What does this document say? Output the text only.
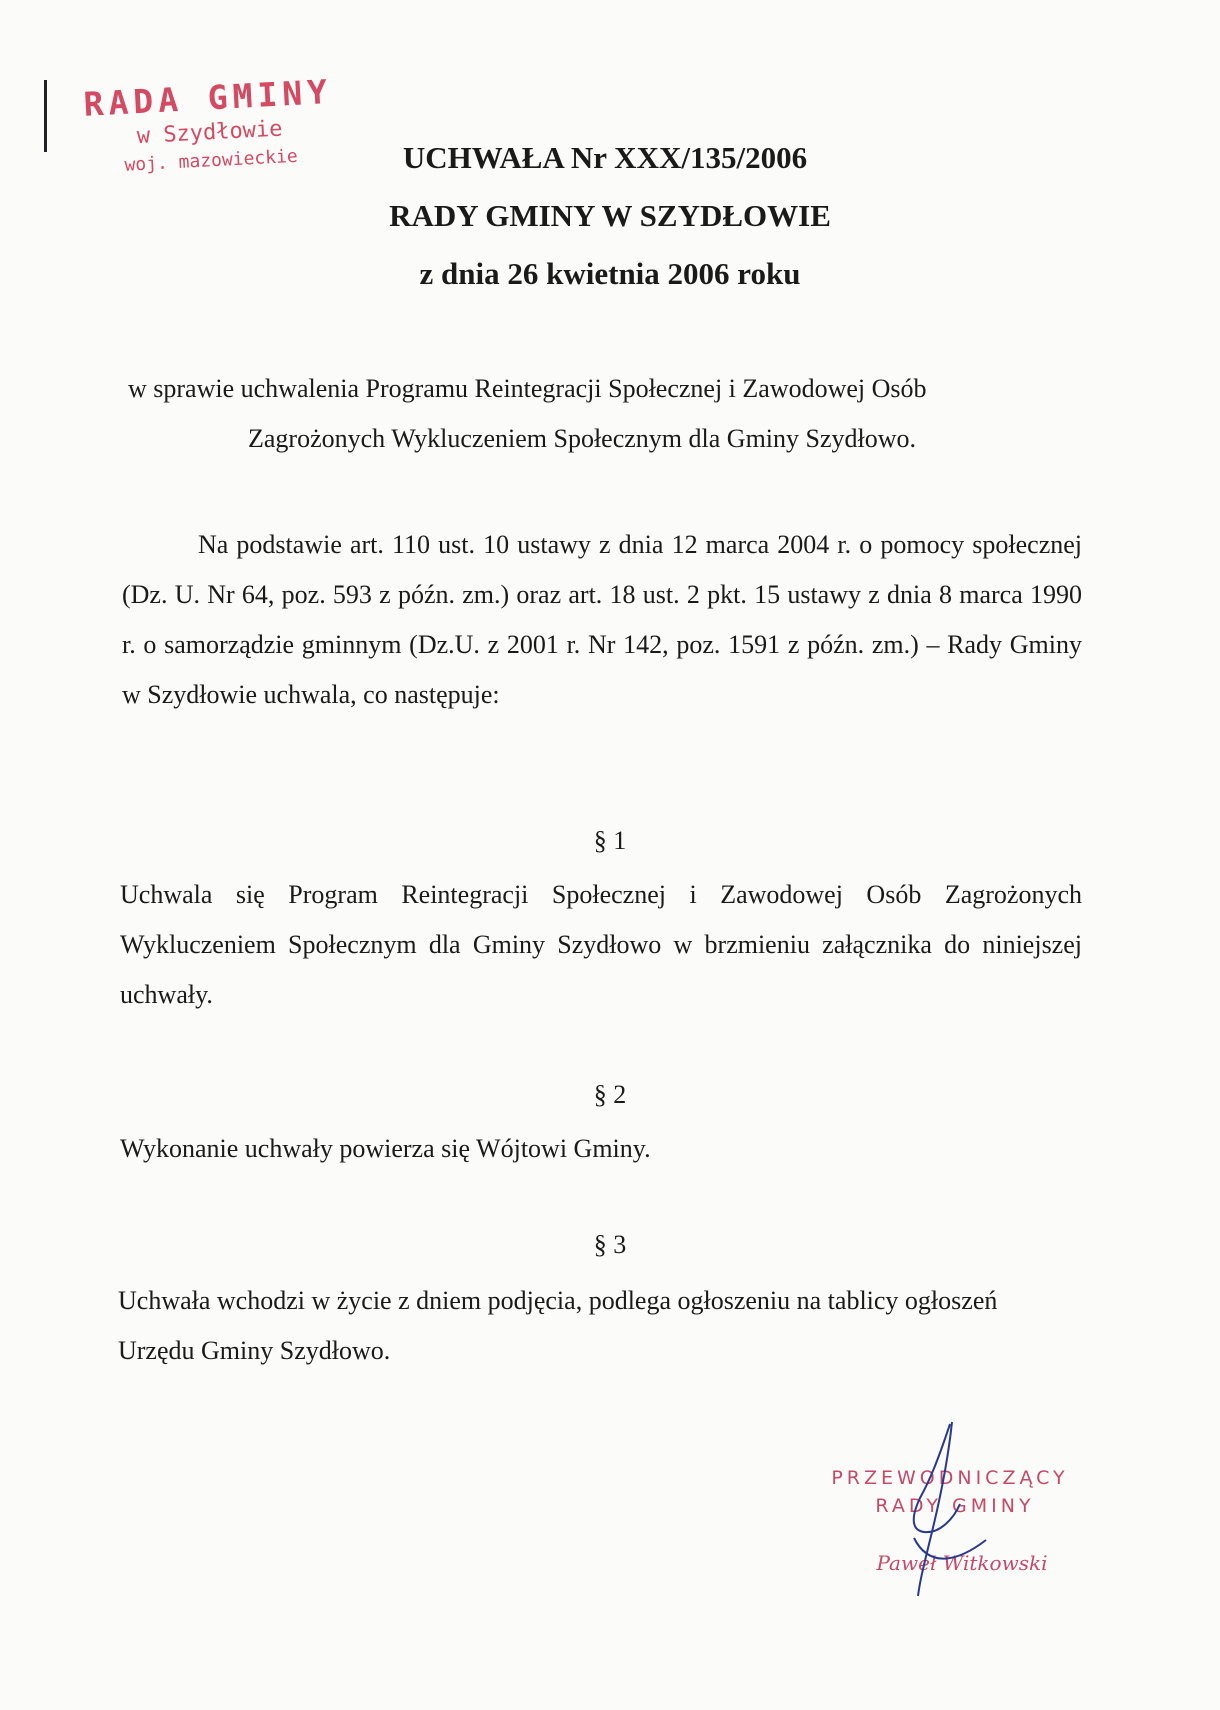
RADA GMINY
w Szydłowie
woj. mazowieckie	UCHWAŁA Nr XXX/135/2006
RADY GMINY W SZYDŁOWIE
z dnia 26 kwietnia 2006 roku
w sprawie uchwalenia Programu Reintegracji Społecznej i Zawodowej Osób
Zagrożonych Wykluczeniem Społecznym dla Gminy Szydłowo.
Na podstawie art. 110 ust. 10 ustawy z dnia 12 marca 2004 r. o pomocy społecznej (Dz. U. Nr 64, poz. 593 z późn. zm.) oraz art. 18 ust. 2 pkt. 15 ustawy z dnia 8 marca 1990 r. o samorządzie gminnym (Dz.U. z 2001 r. Nr 142, poz. 1591 z późn. zm.) – Rady Gminy w Szydłowie uchwala, co następuje:
§ 1
Uchwala się Program Reintegracji Społecznej i Zawodowej Osób Zagrożonych Wykluczeniem Społecznym dla Gminy Szydłowo w brzmieniu załącznika do niniejszej uchwały.
§ 2
Wykonanie uchwały powierza się Wójtowi Gminy.
§ 3
Uchwała wchodzi w życie z dniem podjęcia, podlega ogłoszeniu na tablicy ogłoszeń Urzędu Gminy Szydłowo.
PRZEWODNICZĄCY
RADY GMINY
Paweł Witkowski
